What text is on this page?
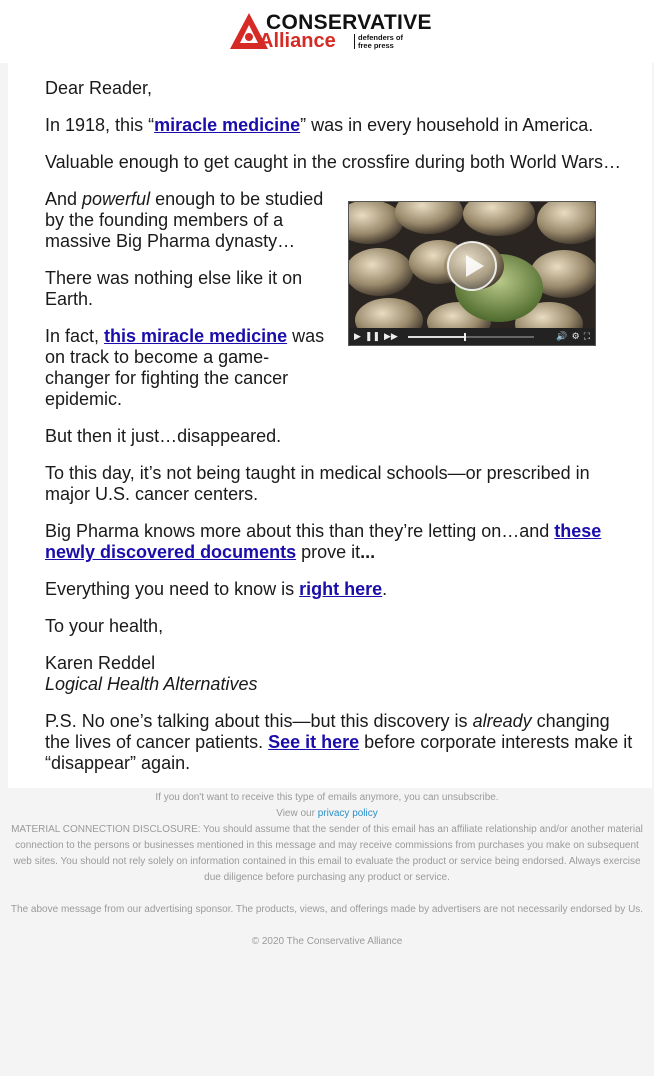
CONSERVATIVE
Alliance	defenders of
free press

Dear Reader,

In 1918, this “miracle medicine” was in every household in America.

Valuable enough to get caught in the crossfire during both World Wars…

And powerful enough to be studied by the founding members of a massive Big Pharma dynasty…

There was nothing else like it on Earth.

In fact, this miracle medicine was on track to become a game-changer for fighting the cancer epidemic.

But then it just…disappeared.

To this day, it’s not being taught in medical schools—or prescribed in major U.S. cancer centers.

Big Pharma knows more about this than they’re letting on…and these newly discovered documents prove it...

Everything you need to know is right here.

To your health,

Karen Reddel
Logical Health Alternatives

P.S. No one’s talking about this—but this discovery is already changing the lives of cancer patients. See it here before corporate interests make it “disappear” again.

▶ ❚❚ ▶▶	🔊 ⚙ ⛶

If you don't want to receive this type of emails anymore, you can unsubscribe.

View our privacy policy

MATERIAL CONNECTION DISCLOSURE: You should assume that the sender of this email has an affiliate relationship and/or another material connection to the persons or businesses mentioned in this message and may receive commissions from purchases you make on subsequent web sites. You should not rely solely on information contained in this email to evaluate the product or service being endorsed. Always exercise due diligence before purchasing any product or service.

The above message from our advertising sponsor. The products, views, and offerings made by advertisers are not necessarily endorsed by Us.

© 2020 The Conservative Alliance
